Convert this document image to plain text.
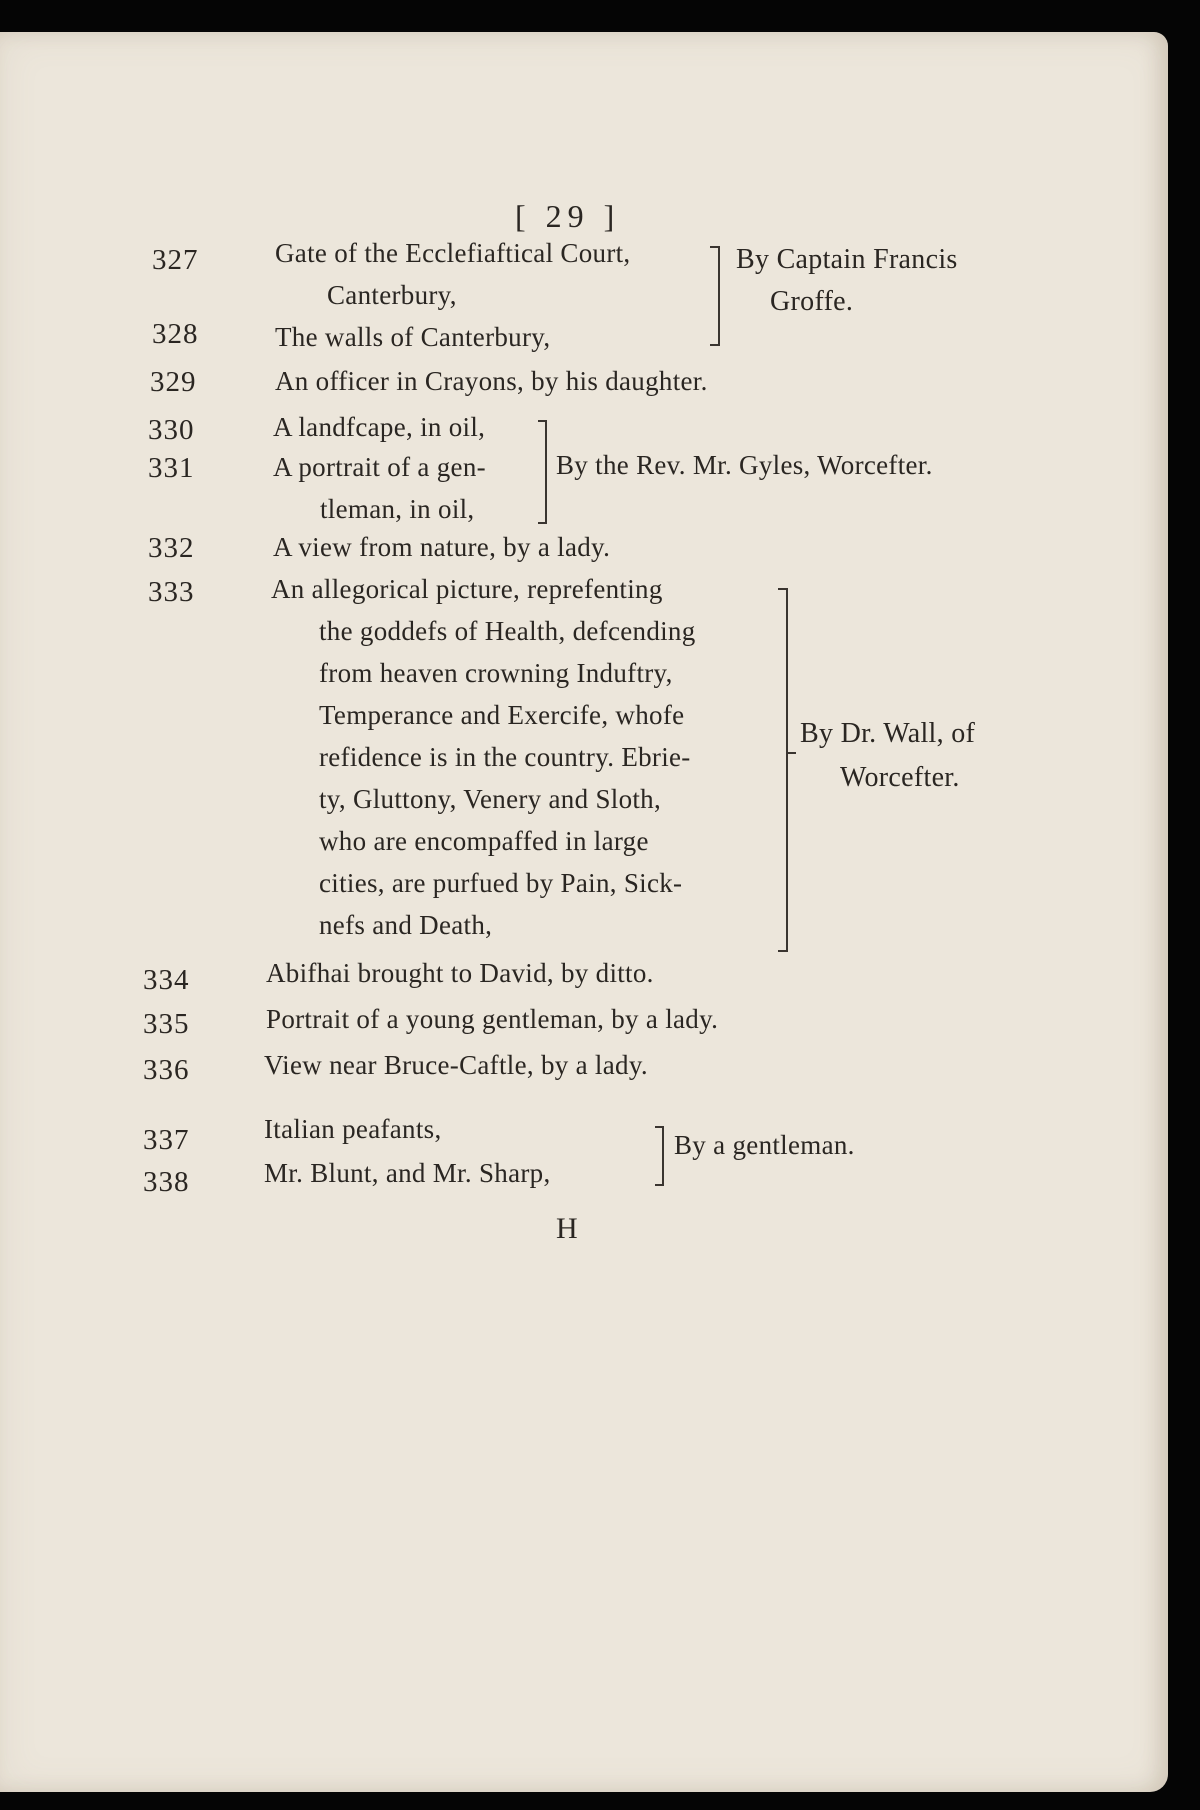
[ 29 ]
327	Gate of the Ecclefiaftical Court,
Canterbury,
328	The walls of Canterbury,
By Captain Francis
Groffe.
329	An officer in Crayons, by his daughter.
330	A landfcape, in oil,
331	A portrait of a gen-
tleman, in oil,
By the Rev. Mr. Gyles, Worcefter.
332	A view from nature, by a lady.
333	An allegorical picture, reprefenting
the goddefs of Health, defcending
from heaven crowning Induftry,
Temperance and Exercife, whofe
refidence is in the country. Ebrie-
ty, Gluttony, Venery and Sloth,
who are encompaffed in large
cities, are purfued by Pain, Sick-
nefs and Death,
By Dr. Wall, of
Worcefter.
334	Abifhai brought to David, by ditto.
335	Portrait of a young gentleman, by a lady.
336	View near Bruce-Caftle, by a lady.
337	Italian peafants,
338	Mr. Blunt, and Mr. Sharp,
By a gentleman.
H
